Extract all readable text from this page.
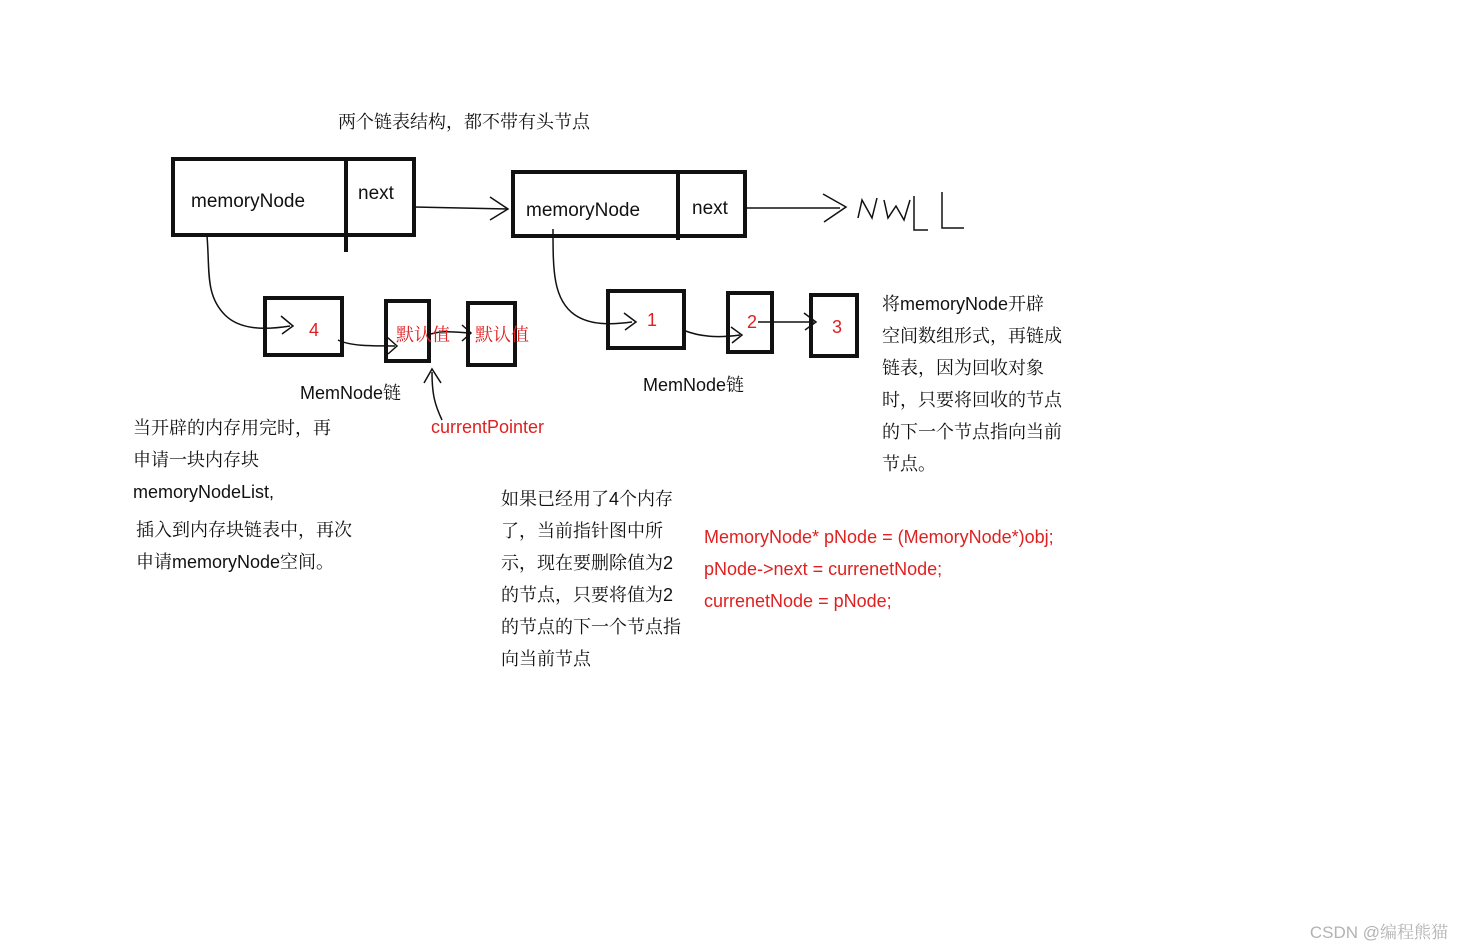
两个链表结构，都不带有头节点

memoryNode	next
memoryNode	next
4	默认值 默认值
MemNode链
currentPointer
1	2	3
MemNode链

当开辟的内存用完时，再

申请一块内存块

memoryNodeList,

插入到内存块链表中，再次

申请memoryNode空间。

将memoryNode开辟

空间数组形式，再链成

链表，因为回收对象

时，只要将回收的节点

的下一个节点指向当前

节点。

如果已经用了4个内存

了，当前指针图中所

示，现在要删除值为2

的节点，只要将值为2

的节点的下一个节点指

向当前节点

MemoryNode* pNode = (MemoryNode*)obj;

pNode->next = currenetNode;

currenetNode = pNode;

CSDN @编程熊猫
